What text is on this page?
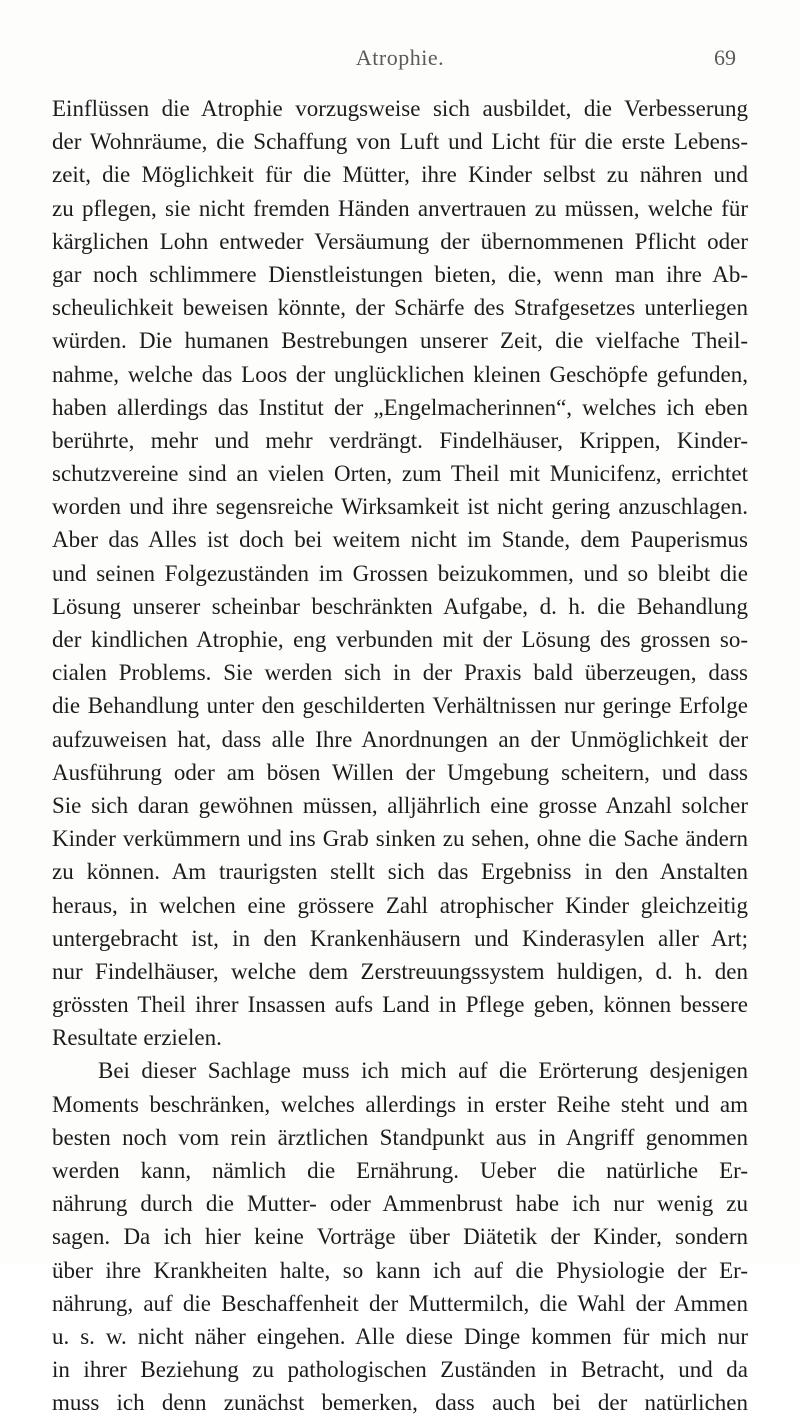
Atrophie.	69
Einflüssen die Atrophie vorzugsweise sich ausbildet, die Verbesserung
der Wohnräume, die Schaffung von Luft und Licht für die erste Lebens-
zeit, die Möglichkeit für die Mütter, ihre Kinder selbst zu nähren und
zu pflegen, sie nicht fremden Händen anvertrauen zu müssen, welche für
kärglichen Lohn entweder Versäumung der übernommenen Pflicht oder
gar noch schlimmere Dienstleistungen bieten, die, wenn man ihre Ab-
scheulichkeit beweisen könnte, der Schärfe des Strafgesetzes unterliegen
würden. Die humanen Bestrebungen unserer Zeit, die vielfache Theil-
nahme, welche das Loos der unglücklichen kleinen Geschöpfe gefunden,
haben allerdings das Institut der „Engelmacherinnen“, welches ich eben
berührte, mehr und mehr verdrängt. Findelhäuser, Krippen, Kinder-
schutzvereine sind an vielen Orten, zum Theil mit Municifenz, errichtet
worden und ihre segensreiche Wirksamkeit ist nicht gering anzuschlagen.
Aber das Alles ist doch bei weitem nicht im Stande, dem Pauperismus
und seinen Folgezuständen im Grossen beizukommen, und so bleibt die
Lösung unserer scheinbar beschränkten Aufgabe, d. h. die Behandlung
der kindlichen Atrophie, eng verbunden mit der Lösung des grossen so-
cialen Problems. Sie werden sich in der Praxis bald überzeugen, dass
die Behandlung unter den geschilderten Verhältnissen nur geringe Erfolge
aufzuweisen hat, dass alle Ihre Anordnungen an der Unmöglichkeit der
Ausführung oder am bösen Willen der Umgebung scheitern, und dass
Sie sich daran gewöhnen müssen, alljährlich eine grosse Anzahl solcher
Kinder verkümmern und ins Grab sinken zu sehen, ohne die Sache ändern
zu können. Am traurigsten stellt sich das Ergebniss in den Anstalten
heraus, in welchen eine grössere Zahl atrophischer Kinder gleichzeitig
untergebracht ist, in den Krankenhäusern und Kinderasylen aller Art;
nur Findelhäuser, welche dem Zerstreuungssystem huldigen, d. h. den
grössten Theil ihrer Insassen aufs Land in Pflege geben, können bessere
Resultate erzielen.
Bei dieser Sachlage muss ich mich auf die Erörterung desjenigen
Moments beschränken, welches allerdings in erster Reihe steht und am
besten noch vom rein ärztlichen Standpunkt aus in Angriff genommen
werden kann, nämlich die Ernährung. Ueber die natürliche Er-
nährung durch die Mutter- oder Ammenbrust habe ich nur wenig zu
sagen. Da ich hier keine Vorträge über Diätetik der Kinder, sondern
über ihre Krankheiten halte, so kann ich auf die Physiologie der Er-
nährung, auf die Beschaffenheit der Muttermilch, die Wahl der Ammen
u. s. w. nicht näher eingehen. Alle diese Dinge kommen für mich nur
in ihrer Beziehung zu pathologischen Zuständen in Betracht, und da
muss ich denn zunächst bemerken, dass auch bei der natürlichen
